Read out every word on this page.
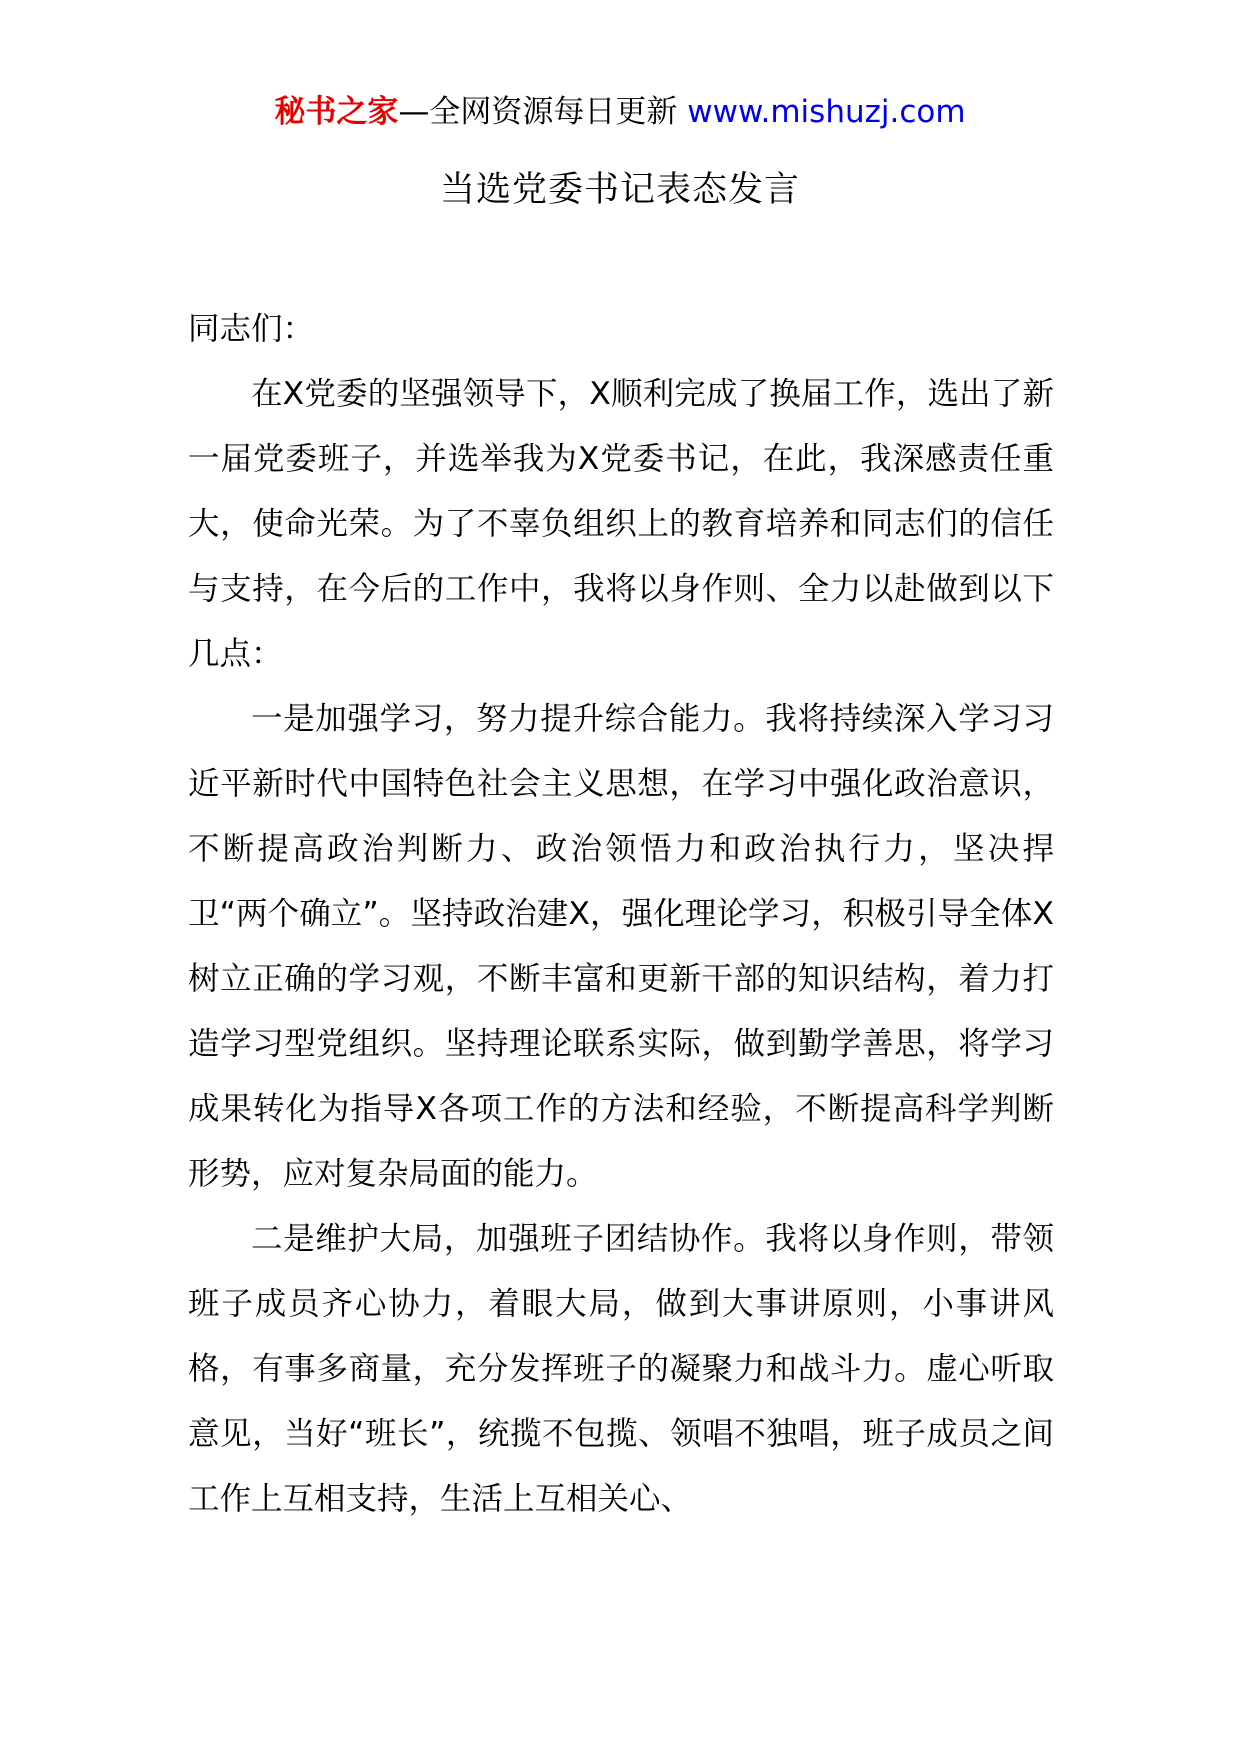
秘书之家—全网资源每日更新 www.mishuzj.com
当选党委书记表态发言

同志们：

在X党委的坚强领导下，X顺利完成了换届工作，选出了新一届党委班子，并选举我为X党委书记，在此，我深感责任重大，使命光荣。为了不辜负组织上的教育培养和同志们的信任与支持，在今后的工作中，我将以身作则、全力以赴做到以下几点：

一是加强学习，努力提升综合能力。我将持续深入学习习近平新时代中国特色社会主义思想，在学习中强化政治意识，不断提高政治判断力、政治领悟力和政治执行力，坚决捍卫“两个确立”。坚持政治建X，强化理论学习，积极引导全体X树立正确的学习观，不断丰富和更新干部的知识结构，着力打造学习型党组织。坚持理论联系实际，做到勤学善思，将学习成果转化为指导X各项工作的方法和经验，不断提高科学判断形势，应对复杂局面的能力。

二是维护大局，加强班子团结协作。我将以身作则，带领班子成员齐心协力，着眼大局，做到大事讲原则，小事讲风格，有事多商量，充分发挥班子的凝聚力和战斗力。虚心听取意见，当好“班长”，统揽不包揽、领唱不独唱，班子成员之间工作上互相支持，生活上互相关心、
